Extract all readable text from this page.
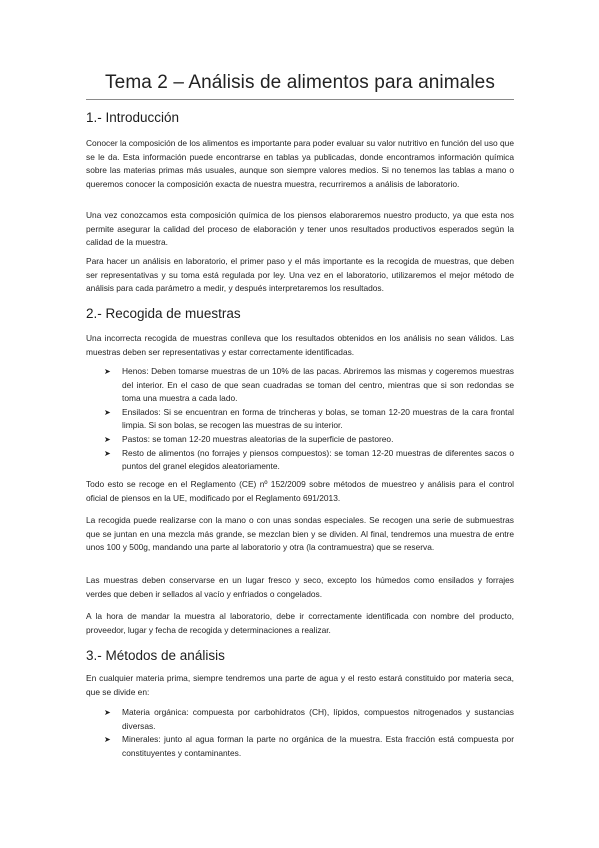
Tema 2 – Análisis de alimentos para animales
1.- Introducción

Conocer la composición de los alimentos es importante para poder evaluar su valor nutritivo en función del uso que se le da. Esta información puede encontrarse en tablas ya publicadas, donde encontramos información química sobre las materias primas más usuales, aunque son siempre valores medios. Si no tenemos las tablas a mano o queremos conocer la composición exacta de nuestra muestra, recurriremos a análisis de laboratorio.

Una vez conozcamos esta composición química de los piensos elaboraremos nuestro producto, ya que esta nos permite asegurar la calidad del proceso de elaboración y tener unos resultados productivos esperados según la calidad de la muestra.

Para hacer un análisis en laboratorio, el primer paso y el más importante es la recogida de muestras, que deben ser representativas y su toma está regulada por ley. Una vez en el laboratorio, utilizaremos el mejor método de análisis para cada parámetro a medir, y después interpretaremos los resultados.

2.- Recogida de muestras

Una incorrecta recogida de muestras conlleva que los resultados obtenidos en los análisis no sean válidos. Las muestras deben ser representativas y estar correctamente identificadas.

➤ Henos: Deben tomarse muestras de un 10% de las pacas. Abriremos las mismas y cogeremos muestras del interior. En el caso de que sean cuadradas se toman del centro, mientras que si son redondas se toma una muestra a cada lado.
➤ Ensilados: Si se encuentran en forma de trincheras y bolas, se toman 12-20 muestras de la cara frontal limpia. Si son bolas, se recogen las muestras de su interior.
➤ Pastos: se toman 12-20 muestras aleatorias de la superficie de pastoreo.
➤ Resto de alimentos (no forrajes y piensos compuestos): se toman 12-20 muestras de diferentes sacos o puntos del granel elegidos aleatoriamente.

Todo esto se recoge en el Reglamento (CE) nº 152/2009 sobre métodos de muestreo y análisis para el control oficial de piensos en la UE, modificado por el Reglamento 691/2013.

La recogida puede realizarse con la mano o con unas sondas especiales. Se recogen una serie de submuestras que se juntan en una mezcla más grande, se mezclan bien y se dividen. Al final, tendremos una muestra de entre unos 100 y 500g, mandando una parte al laboratorio y otra (la contramuestra) que se reserva.

Las muestras deben conservarse en un lugar fresco y seco, excepto los húmedos como ensilados y forrajes verdes que deben ir sellados al vacío y enfriados o congelados.

A la hora de mandar la muestra al laboratorio, debe ir correctamente identificada con nombre del producto, proveedor, lugar y fecha de recogida y determinaciones a realizar.

3.- Métodos de análisis

En cualquier materia prima, siempre tendremos una parte de agua y el resto estará constituido por materia seca, que se divide en:

➤ Materia orgánica: compuesta por carbohidratos (CH), lípidos, compuestos nitrogenados y sustancias diversas.
➤ Minerales: junto al agua forman la parte no orgánica de la muestra. Esta fracción está compuesta por constituyentes y contaminantes.
